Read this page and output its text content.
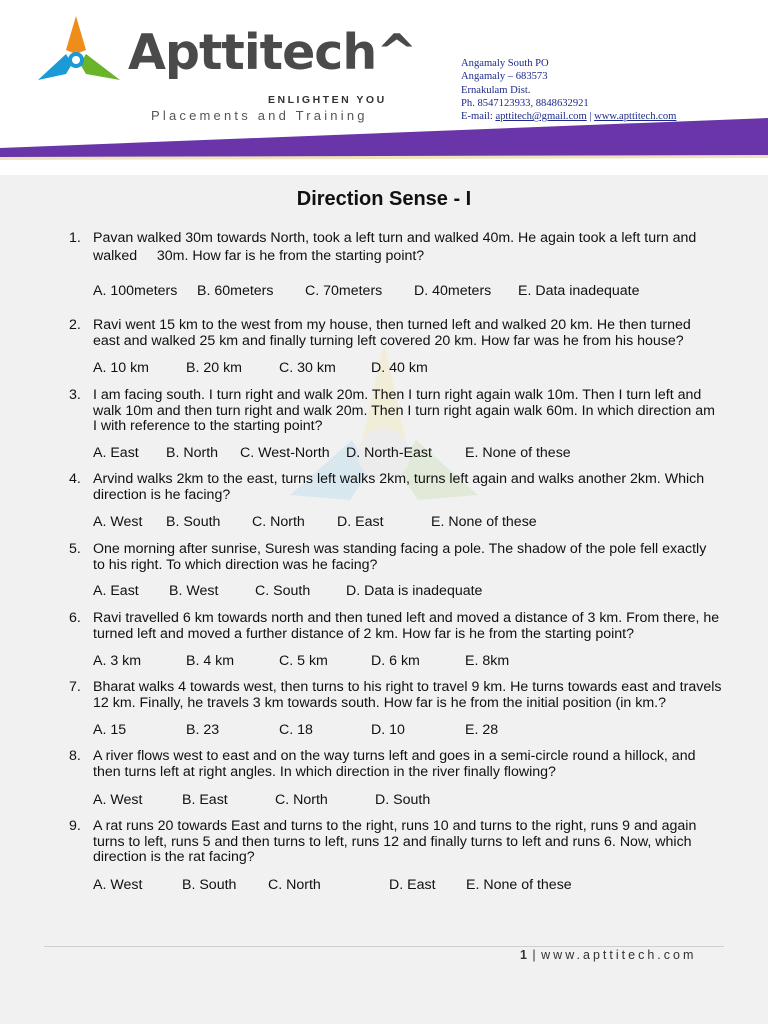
Apttitech^
ENLIGHTEN YOU
Placements and Training
Angamaly South PO
Angamaly – 683573
Ernakulam Dist.
Ph. 8547123933, 8848632921
E-mail: apttitech@gmail.com | www.apttitech.com
Direction Sense - I
1. Pavan walked 30m towards North, took a left turn and walked 40m. He again took a left turn and
walked     30m. How far is he from the starting point?
A. 100meters B. 60meters C. 70meters D. 40meters E. Data inadequate
2. Ravi went 15 km to the west from my house, then turned left and walked 20 km. He then turned
east and walked 25 km and finally turning left covered 20 km. How far was he from his house?
A. 10 km	B. 20 km	C. 30 km D. 40 km
3. I am facing south. I turn right and walk 20m. Then I turn right again walk 10m. Then I turn left and
walk 10m and then turn right and walk 20m. Then I turn right again walk 60m. In which direction am
I with reference to the starting point?
A. East B. North C. West-North D. North-East E. None of these
4. Arvind walks 2km to the east, turns left walks 2km, turns left again and walks another 2km. Which
direction is he facing?
A. West B. South C. North D. East	E. None of these
5. One morning after sunrise, Suresh was standing facing a pole. The shadow of the pole fell exactly
to his right. To which direction was he facing?
A. East B. West	C. South	D. Data is inadequate
6. Ravi travelled 6 km towards north and then tuned left and moved a distance of 3 km. From there, he
turned left and moved a further distance of 2 km. How far is he from the starting point?
A. 3 km	B. 4 km	C. 5 km	D. 6 km	E. 8km
7. Bharat walks 4 towards west, then turns to his right to travel 9 km. He turns towards east and travels
12 km. Finally, he travels 3 km towards south. How far is he from the initial position (in km.?
A. 15	B. 23	C. 18	D. 10	E. 28
8. A river flows west to east and on the way turns left and goes in a semi-circle round a hillock, and
then turns left at right angles. In which direction in the river finally flowing?
A. West	B. East	C. North	D. South
9. A rat runs 20 towards East and turns to the right, runs 10 and turns to the right, runs 9 and again
turns to left, runs 5 and then turns to left, runs 12 and finally turns to left and runs 6. Now, which
direction is the rat facing?
A. West	B. South C. North	D. East E. None of these
1 | www.apttitech.com
